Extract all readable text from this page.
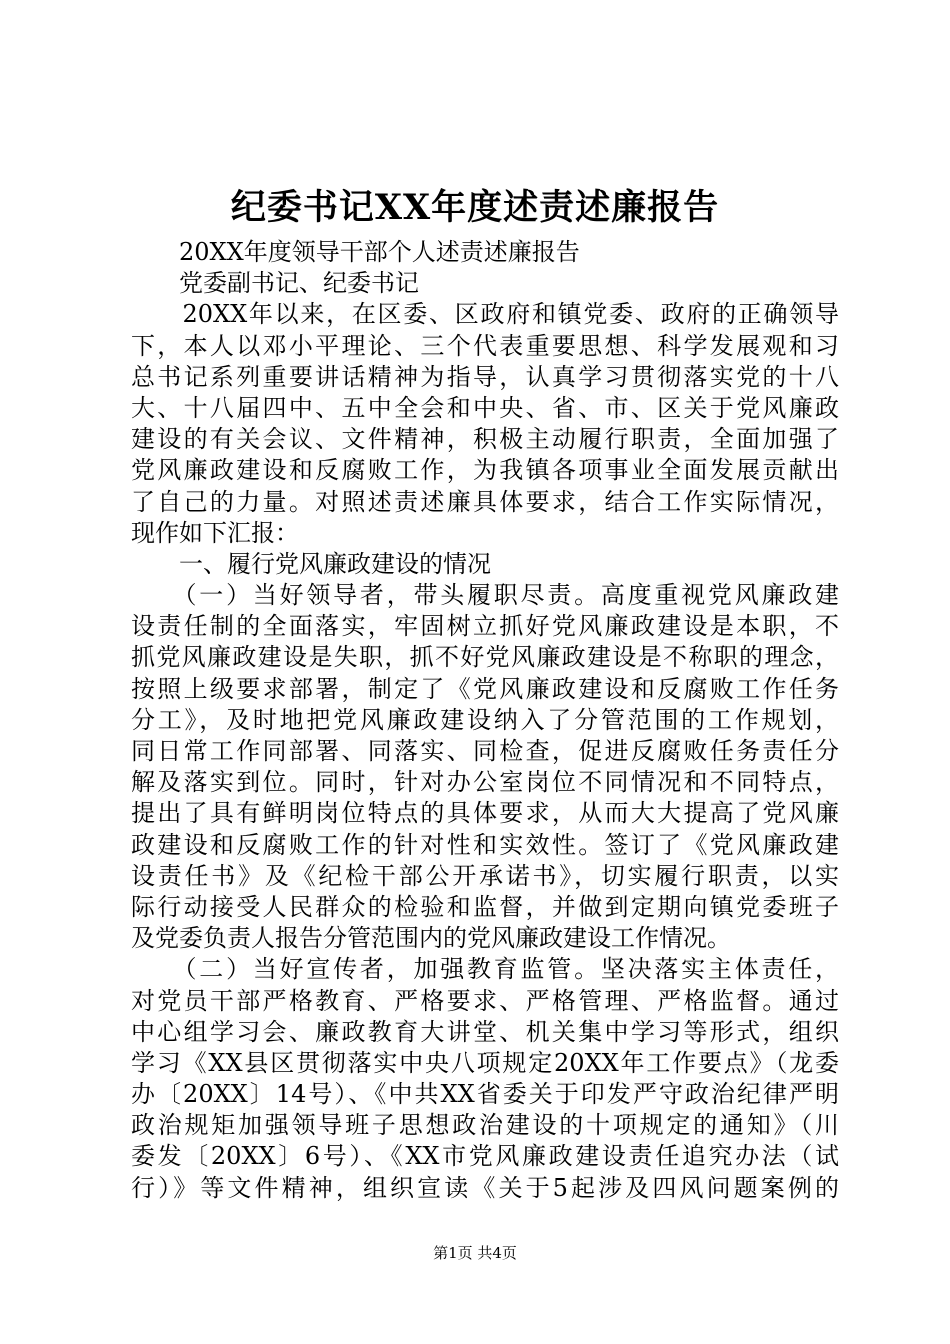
纪委书记XX年度述责述廉报告
　　20XX年度领导干部个人述责述廉报告
　　党委副书记、纪委书记
　　20XX年以来，在区委、区政府和镇党委、政府的正确领导
下，本人以邓小平理论、三个代表重要思想、科学发展观和习
总书记系列重要讲话精神为指导，认真学习贯彻落实党的十八
大、十八届四中、五中全会和中央、省、市、区关于党风廉政
建设的有关会议、文件精神，积极主动履行职责，全面加强了
党风廉政建设和反腐败工作，为我镇各项事业全面发展贡献出
了自己的力量。对照述责述廉具体要求，结合工作实际情况，
现作如下汇报：
　　一、履行党风廉政建设的情况
　　（一）当好领导者，带头履职尽责。高度重视党风廉政建
设责任制的全面落实，牢固树立抓好党风廉政建设是本职，不
抓党风廉政建设是失职，抓不好党风廉政建设是不称职的理念，
按照上级要求部署，制定了《党风廉政建设和反腐败工作任务
分工》，及时地把党风廉政建设纳入了分管范围的工作规划，
同日常工作同部署、同落实、同检查，促进反腐败任务责任分
解及落实到位。同时，针对办公室岗位不同情况和不同特点，
提出了具有鲜明岗位特点的具体要求，从而大大提高了党风廉
政建设和反腐败工作的针对性和实效性。签订了《党风廉政建
设责任书》及《纪检干部公开承诺书》，切实履行职责，以实
际行动接受人民群众的检验和监督，并做到定期向镇党委班子
及党委负责人报告分管范围内的党风廉政建设工作情况。
　　（二）当好宣传者，加强教育监管。坚决落实主体责任，
对党员干部严格教育、严格要求、严格管理、严格监督。通过
中心组学习会、廉政教育大讲堂、机关集中学习等形式，组织
学习《XX县区贯彻落实中央八项规定20XX年工作要点》（龙委
办〔20XX〕14号）、《中共XX省委关于印发严守政治纪律严明
政治规矩加强领导班子思想政治建设的十项规定的通知》（川
委发〔20XX〕6号）、《XX市党风廉政建设责任追究办法（试
行）》等文件精神，组织宣读《关于5起涉及四风问题案例的
第1页 共4页
